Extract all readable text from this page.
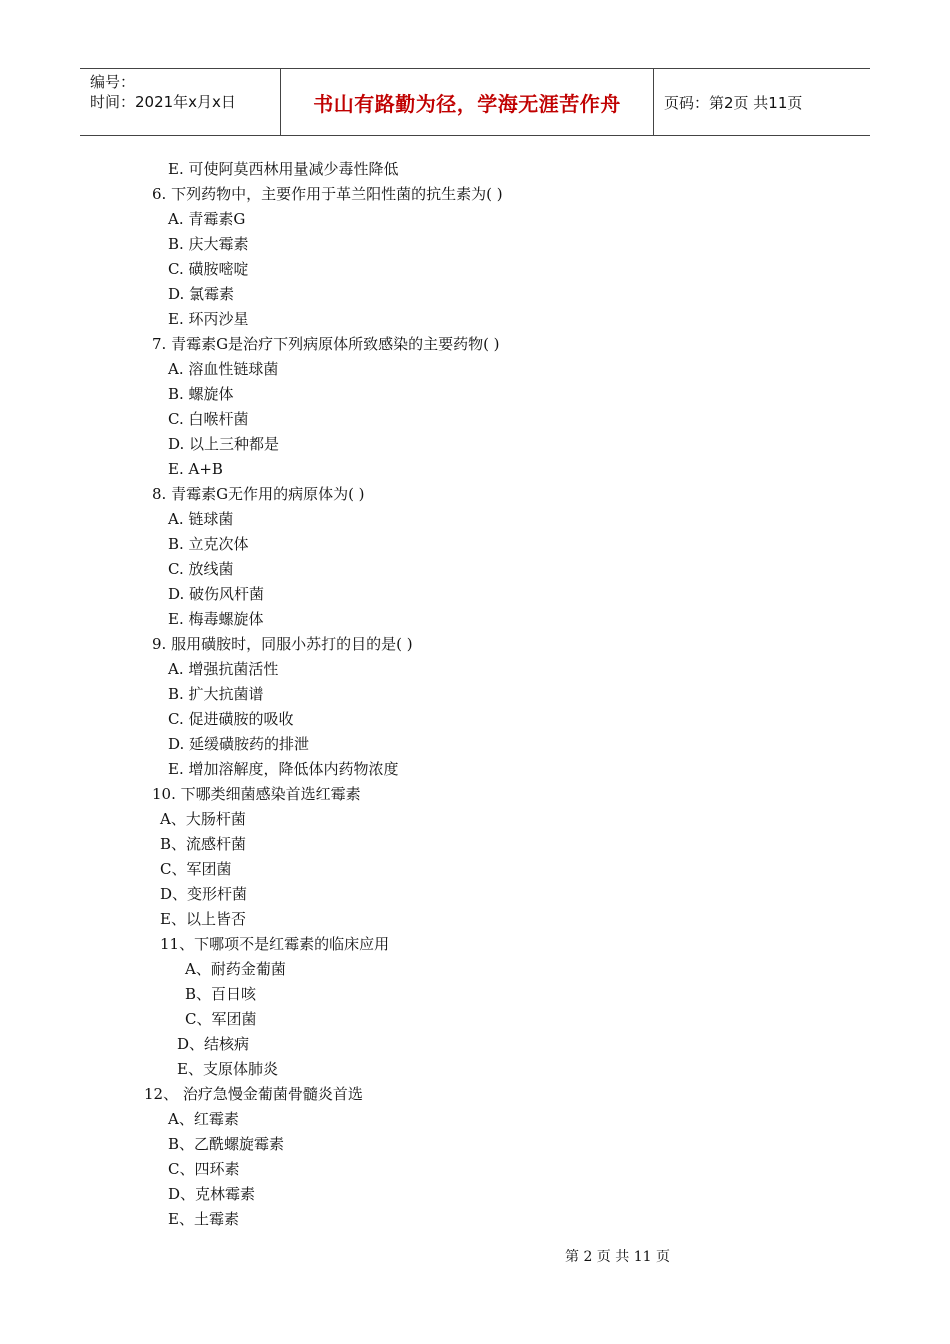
编号：
时间：2021年x月x日	书山有路勤为径，学海无涯苦作舟	页码：第2页 共11页
E. 可使阿莫西林用量减少毒性降低
6. 下列药物中，主要作用于革兰阳性菌的抗生素为( )
A. 青霉素G
B. 庆大霉素
C. 磺胺嘧啶
D. 氯霉素
E. 环丙沙星
7. 青霉素G是治疗下列病原体所致感染的主要药物( )
A. 溶血性链球菌
B. 螺旋体
C. 白喉杆菌
D. 以上三种都是
E. A+B
8. 青霉素G无作用的病原体为( )
A. 链球菌
B. 立克次体
C. 放线菌
D. 破伤风杆菌
E. 梅毒螺旋体
9. 服用磺胺时，同服小苏打的目的是( )
A. 增强抗菌活性
B. 扩大抗菌谱
C. 促进磺胺的吸收
D. 延缓磺胺药的排泄
E. 增加溶解度，降低体内药物浓度
10. 下哪类细菌感染首选红霉素
A、大肠杆菌
B、流感杆菌
C、军团菌
D、变形杆菌
E、以上皆否
11、下哪项不是红霉素的临床应用
A、耐药金葡菌
B、百日咳
C、军团菌
D、结核病
E、支原体肺炎
12、 治疗急慢金葡菌骨髓炎首选
A、红霉素
B、乙酰螺旋霉素
C、四环素
D、克林霉素
E、土霉素
第 2 页 共 11 页
